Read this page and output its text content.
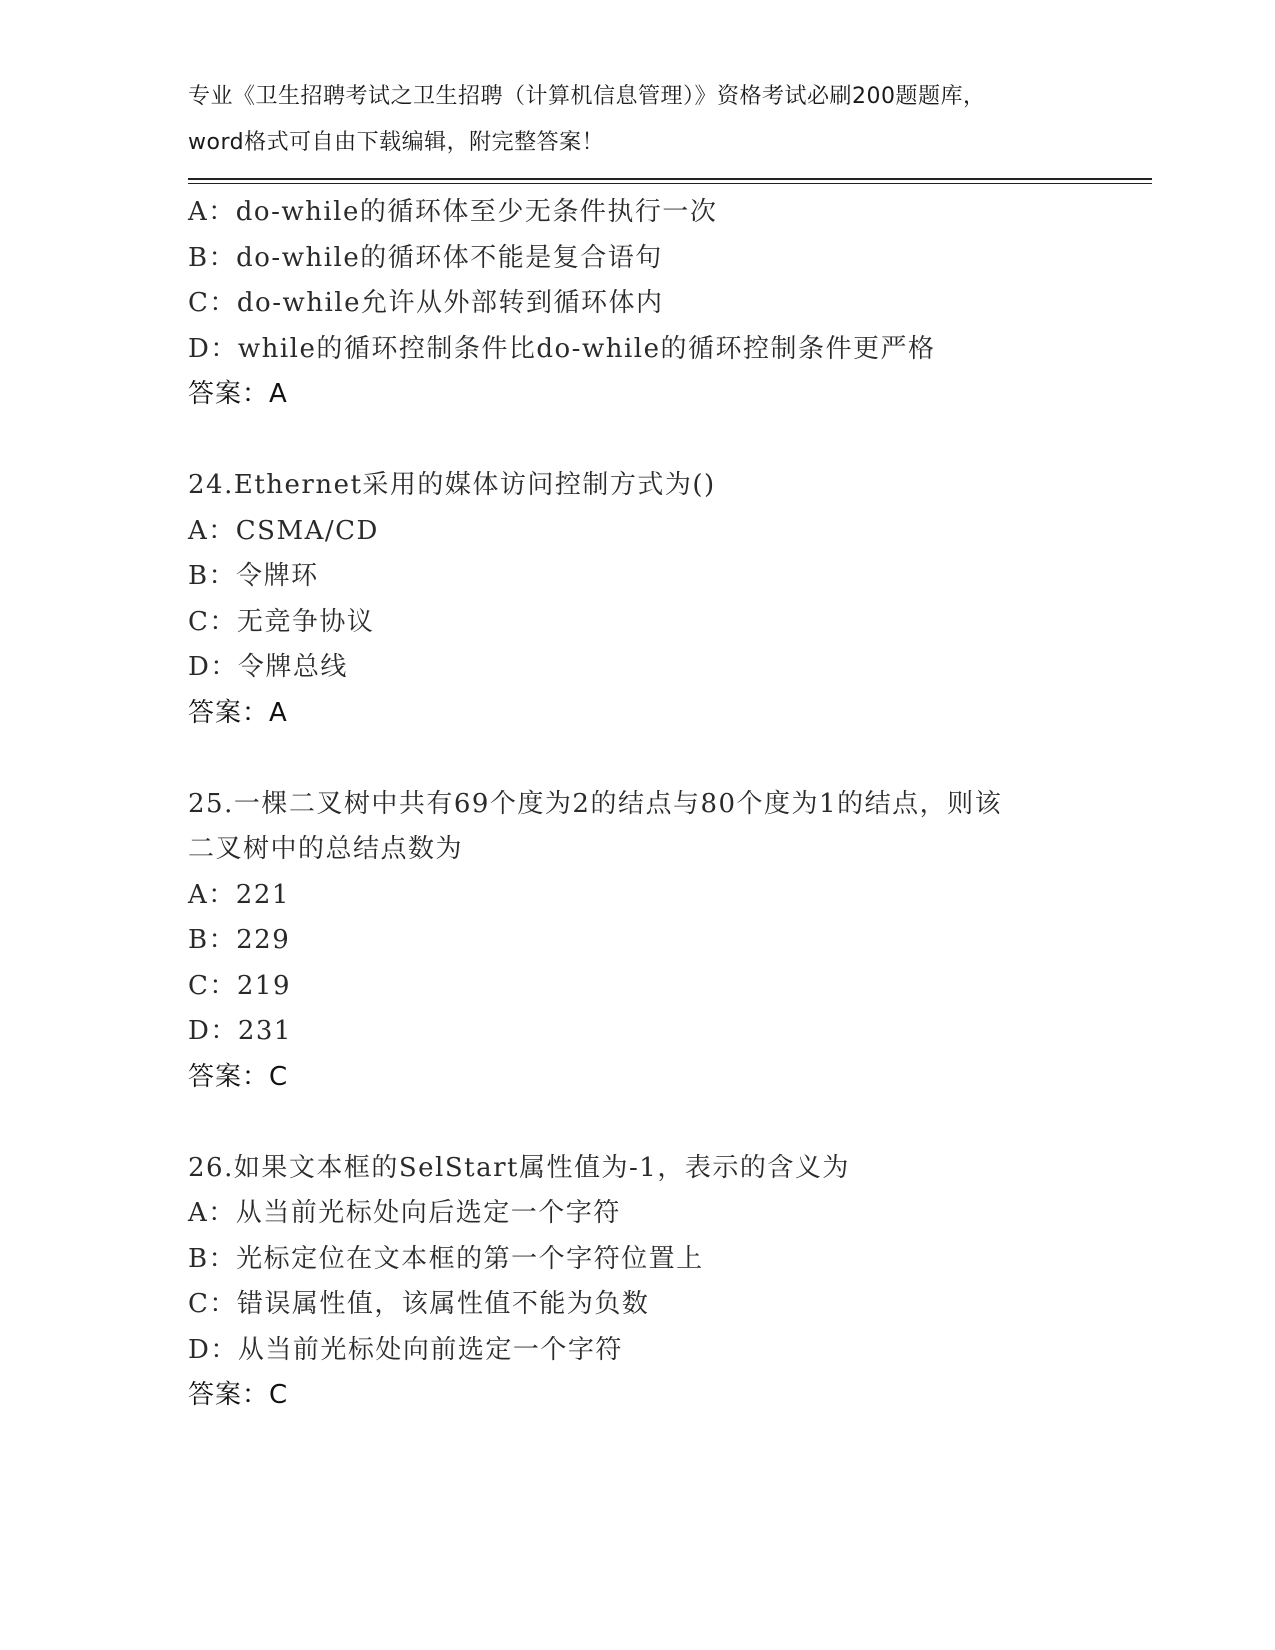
专业《卫生招聘考试之卫生招聘（计算机信息管理）》资格考试必刷200题题库，
word格式可自由下载编辑，附完整答案！
A：do-while的循环体至少无条件执行一次
B：do-while的循环体不能是复合语句
C：do-while允许从外部转到循环体内
D：while的循环控制条件比do-while的循环控制条件更严格
答案：A
24.Ethernet采用的媒体访问控制方式为()
A：CSMA/CD
B：令牌环
C：无竞争协议
D：令牌总线
答案：A
25.一棵二叉树中共有69个度为2的结点与80个度为1的结点，则该
二叉树中的总结点数为
A：221
B：229
C：219
D：231
答案：C
26.如果文本框的SelStart属性值为-1，表示的含义为
A：从当前光标处向后选定一个字符
B：光标定位在文本框的第一个字符位置上
C：错误属性值，该属性值不能为负数
D：从当前光标处向前选定一个字符
答案：C
